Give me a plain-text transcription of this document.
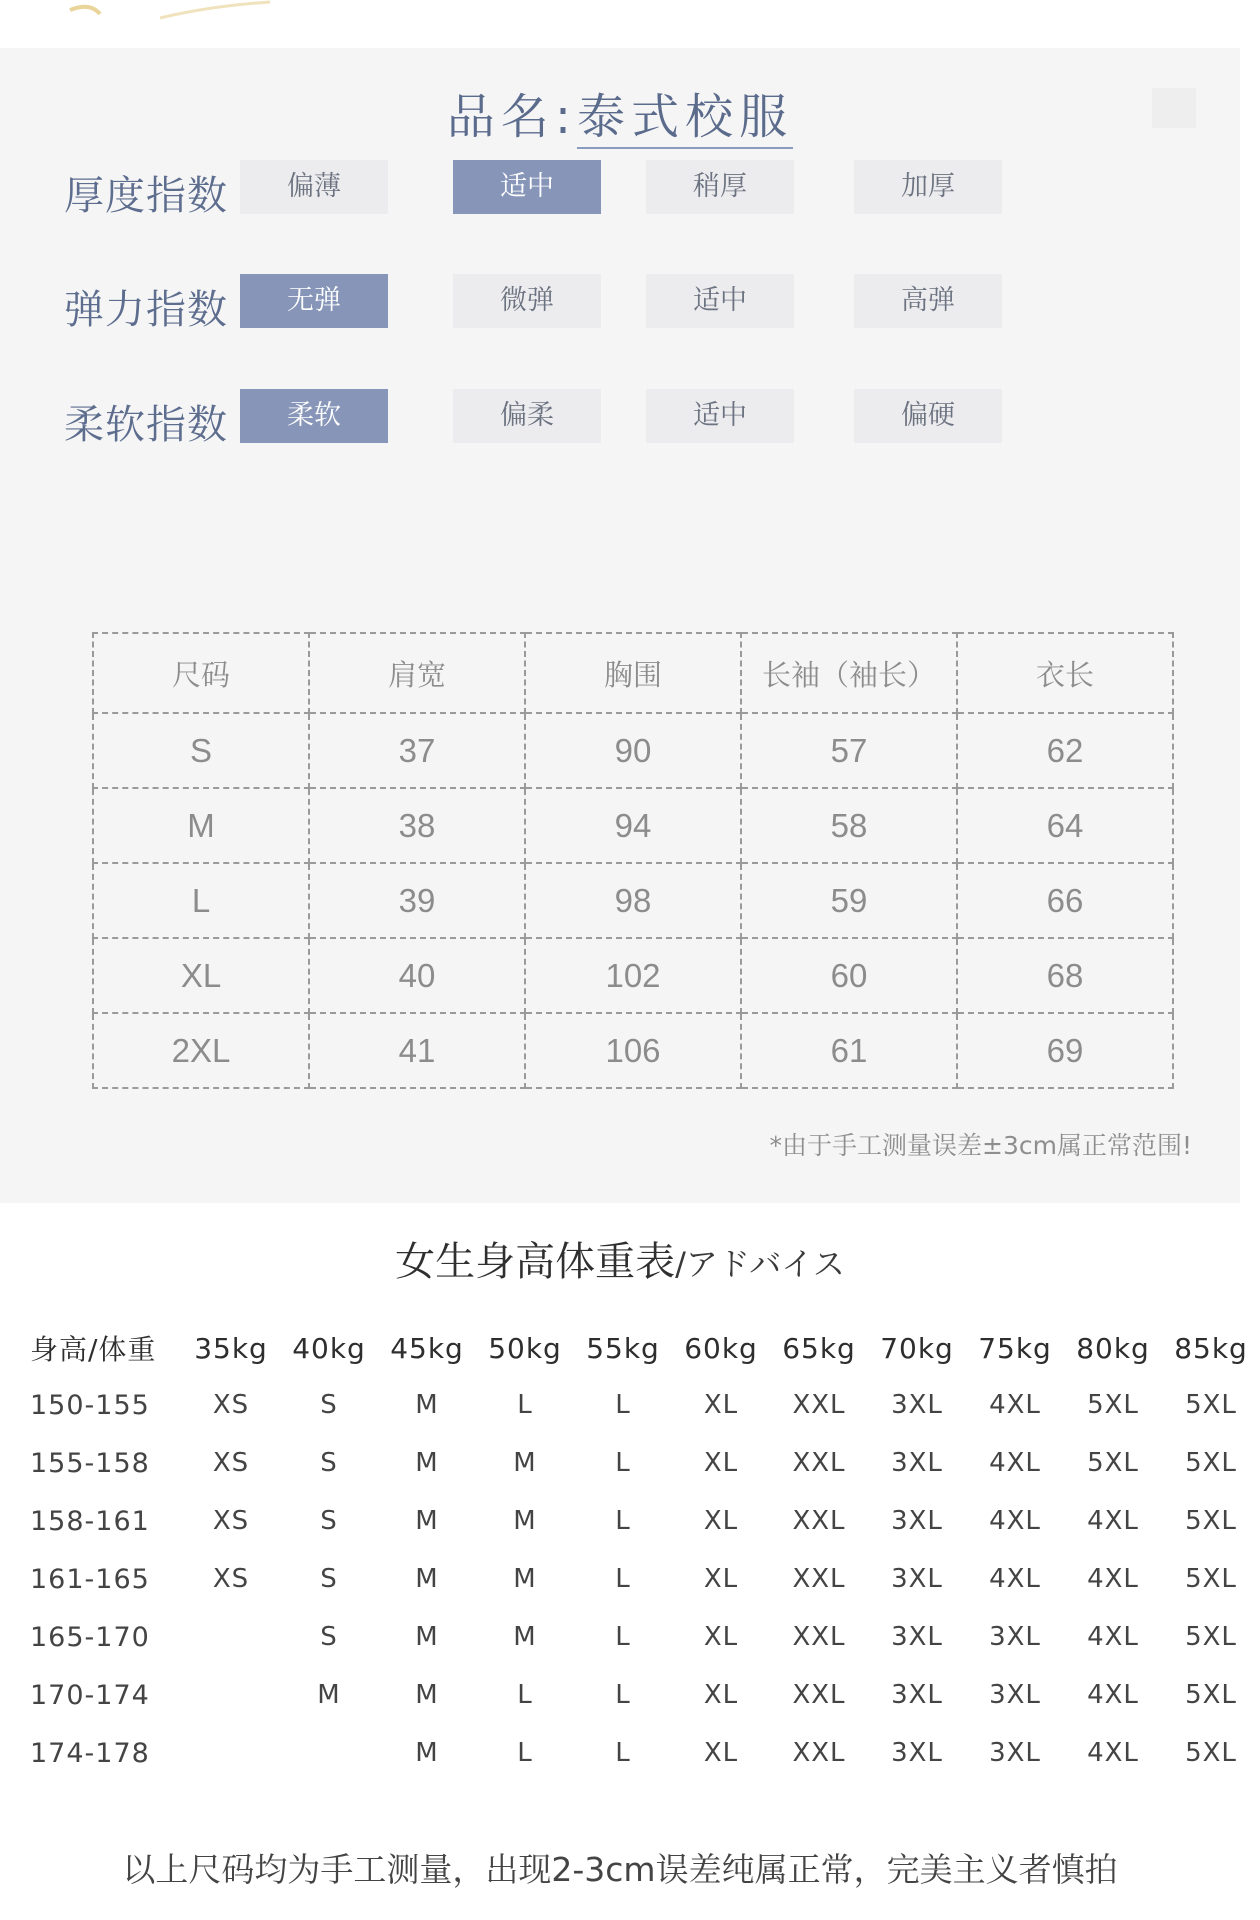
品名:泰式校服
厚度指数	偏薄	适中	稍厚	加厚
弹力指数	无弹	微弹	适中	高弹
柔软指数	柔软	偏柔	适中	偏硬
尺码	肩宽	胸围	长袖（袖长）	衣长
S	37	90	57	62
M	38	94	58	64
L	39	98	59	66
XL	40	102	60	68
2XL	41	106	61	69
*由于手工测量误差±3cm属正常范围!
女生身高体重表/アドバイス
身高/体重	35kg	40kg	45kg	50kg	55kg	60kg	65kg	70kg	75kg	80kg	85kg
150-155	XS	S	M	L	L	XL	XXL	3XL	4XL	5XL	5XL
155-158	XS	S	M	M	L	XL	XXL	3XL	4XL	5XL	5XL
158-161	XS	S	M	M	L	XL	XXL	3XL	4XL	4XL	5XL
161-165	XS	S	M	M	L	XL	XXL	3XL	4XL	4XL	5XL
165-170		S	M	M	L	XL	XXL	3XL	3XL	4XL	5XL
170-174		M	M	L	L	XL	XXL	3XL	3XL	4XL	5XL
174-178			M	L	L	XL	XXL	3XL	3XL	4XL	5XL
以上尺码均为手工测量，出现2-3cm误差纯属正常，完美主义者慎拍
